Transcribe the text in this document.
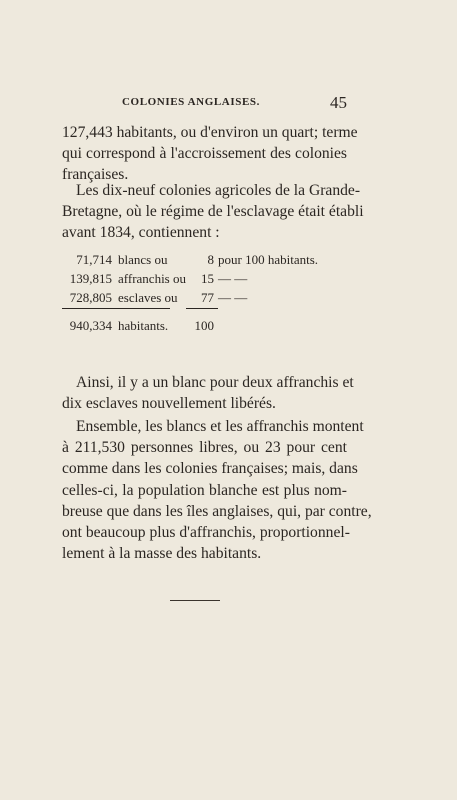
COLONIES ANGLAISES.	45
127,443 habitants, ou d'environ un quart; terme
qui correspond à l'accroissement des colonies
françaises.
Les dix-neuf colonies agricoles de la Grande-
Bretagne, où le régime de l'esclavage était établi
avant 1834, contiennent :
71,714 blancs ou	8 pour 100 habitants.
139,815 affranchis ou	15 — —
728,805 esclaves ou	77 — —
940,334 habitants. 100
Ainsi, il y a un blanc pour deux affranchis et
dix esclaves nouvellement libérés.
Ensemble, les blancs et les affranchis montent
à 211,530 personnes libres, ou 23 pour cent
comme dans les colonies françaises; mais, dans
celles-ci, la population blanche est plus nom-
breuse que dans les îles anglaises, qui, par contre,
ont beaucoup plus d'affranchis, proportionnel-
lement à la masse des habitants.
